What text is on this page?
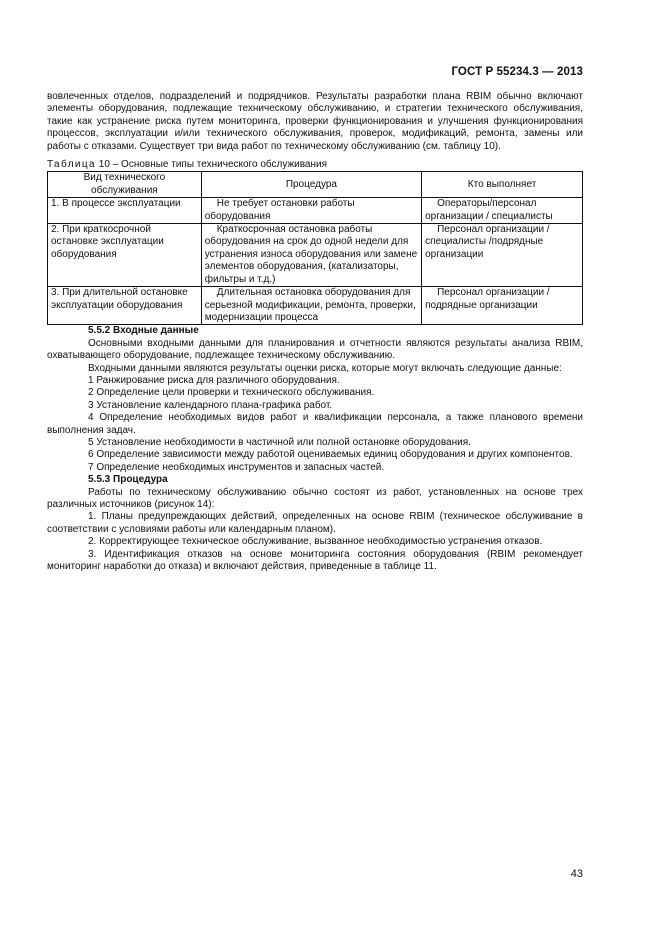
ГОСТ Р 55234.3 — 2013

вовлеченных отделов, подразделений и подрядчиков. Результаты разработки плана RBIM обычно включают элементы оборудования, подлежащие техническому обслуживанию, и стратегии технического обслуживания, такие как устранение риска путем мониторинга, проверки функционирования и улучшения функционирования процессов, эксплуатации и/или технического обслуживания, проверок, модификаций, ремонта, замены или работы с отказами. Существует три вида работ по техническому обслуживанию (см. таблицу 10).

Таблица 10 – Основные типы технического обслуживания
Вид технического обслуживания	Процедура	Кто выполняет
1. В процессе эксплуатации	Не требует остановки работы оборудования	Операторы/персонал организации / специалисты
2. При краткосрочной остановке эксплуатации оборудования	Краткосрочная остановка работы оборудования на срок до одной недели для устранения износа оборудования или замене элементов оборудования, (катализаторы, фильтры и т.д.)	Персонал организации / специалисты /подрядные организации
3. При длительной остановке эксплуатации оборудования	Длительная остановка оборудования для серьезной модификации, ремонта, проверки, модернизации процесса	Персонал организации / подрядные организации

5.5.2 Входные данные

Основными входными данными для планирования и отчетности являются результаты анализа RBIM, охватывающего оборудование, подлежащее техническому обслуживанию.

Входными данными являются результаты оценки риска, которые могут включать следующие данные:

1 Ранжирование риска для различного оборудования.

2 Определение цели проверки и технического обслуживания.

3 Установление календарного плана-графика работ.

4 Определение необходимых видов работ и квалификации персонала, а также планового времени выполнения задач.

5 Установление необходимости в частичной или полной остановке оборудования.

6 Определение зависимости между работой оцениваемых единиц оборудования и других компонентов.

7 Определение необходимых инструментов и запасных частей.

5.5.3 Процедура

Работы по техническому обслуживанию обычно состоят из работ, установленных на основе трех различных источников (рисунок 14):

1. Планы предупреждающих действий, определенных на основе RBIM (техническое обслуживание в соответствии с условиями работы или календарным планом).

2. Корректирующее техническое обслуживание, вызванное необходимостью устранения отказов.

3. Идентификация отказов на основе мониторинга состояния оборудования (RBIM рекомендует мониторинг наработки до отказа) и включают действия, приведенные в таблице 11.

43
